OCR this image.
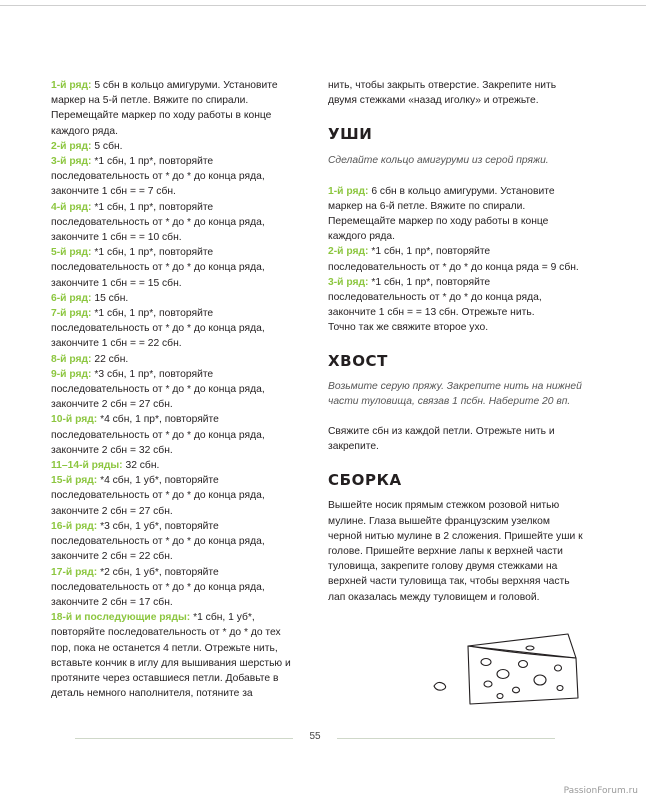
1-й ряд: 5 сбн в кольцо амигуруми. Установите маркер на 5-й петле. Вяжите по спирали. Перемещайте маркер по ходу работы в конце каждого ряда.

2-й ряд: 5 сбн.

3-й ряд: *1 сбн, 1 пр*, повторяйте последовательность от * до * до конца ряда, закончите 1 сбн = = 7 сбн.

4-й ряд: *1 сбн, 1 пр*, повторяйте последовательность от * до * до конца ряда, закончите 1 сбн = = 10 сбн.

5-й ряд: *1 сбн, 1 пр*, повторяйте последовательность от * до * до конца ряда, закончите 1 сбн = = 15 сбн.

6-й ряд: 15 сбн.

7-й ряд: *1 сбн, 1 пр*, повторяйте последовательность от * до * до конца ряда, закончите 1 сбн = = 22 сбн.

8-й ряд: 22 сбн.

9-й ряд: *3 сбн, 1 пр*, повторяйте последовательность от * до * до конца ряда, закончите 2 сбн = 27 сбн.

10-й ряд: *4 сбн, 1 пр*, повторяйте последовательность от * до * до конца ряда, закончите 2 сбн = 32 сбн.

11–14-й ряды: 32 сбн.

15-й ряд: *4 сбн, 1 уб*, повторяйте последовательность от * до * до конца ряда, закончите 2 сбн = 27 сбн.

16-й ряд: *3 сбн, 1 уб*, повторяйте последовательность от * до * до конца ряда, закончите 2 сбн = 22 сбн.

17-й ряд: *2 сбн, 1 уб*, повторяйте последовательность от * до * до конца ряда, закончите 2 сбн = 17 сбн.

18-й и последующие ряды: *1 сбн, 1 уб*, повторяйте последовательность от * до * до тех пор, пока не останется 4 петли. Отрежьте нить, вставьте кончик в иглу для вышивания шерстью и протяните через оставшиеся петли. Добавьте в деталь немного наполнителя, потяните за

нить, чтобы закрыть отверстие. Закрепите нить двумя стежками «назад иголку» и отрежьте.

УШИ

Сделайте кольцо амигуруми из серой пряжи.

1-й ряд: 6 сбн в кольцо амигуруми. Установите маркер на 6-й петле. Вяжите по спирали. Перемещайте маркер по ходу работы в конце каждого ряда.

2-й ряд: *1 сбн, 1 пр*, повторяйте последовательность от * до * до конца ряда = 9 сбн.

3-й ряд: *1 сбн, 1 пр*, повторяйте последовательность от * до * до конца ряда, закончите 1 сбн = = 13 сбн. Отрежьте нить.

Точно так же свяжите второе ухо.

ХВОСТ

Возьмите серую пряжу. Закрепите нить на нижней части туловища, связав 1 псбн. Наберите 20 вп.

Свяжите сбн из каждой петли. Отрежьте нить и закрепите.

СБОРКА

Вышейте носик прямым стежком розовой нитью мулине. Глаза вышейте французским узелком черной нитью мулине в 2 сложения. Пришейте уши к голове. Пришейте верхние лапы к верхней части туловища, закрепите голову двумя стежками на верхней части туловища так, чтобы верхняя часть лап оказалась между туловищем и головой.

55
PassionForum.ru
